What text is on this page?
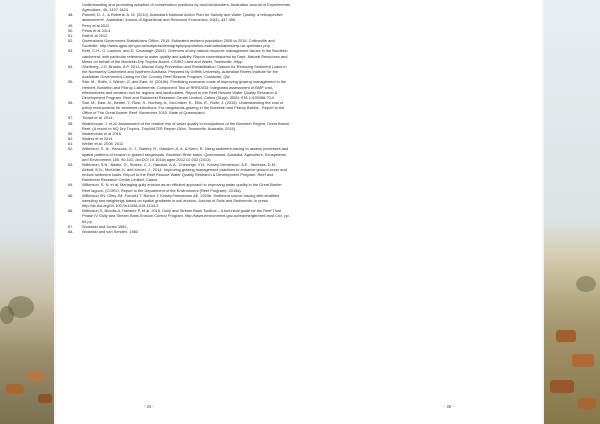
Understanding and promoting adoption of conservation practices by rural landholders. Australian Journal of Experimental Agriculture, 46, 1407-1424
48.	Pannell, D. J., & Roberts, A. M. (2010). Australia's National Action Plan for Salinity and Water Quality: a retrospective assessment*. Australian Journal of Agricultural and Resource Economics, 54(4), 437-456.
49.	Perry et al 2012
50.	Petus et al 2014
51.	Raff et al 2012
52.	Queensland Government Statisticians Office, 2015. Estimated resident population 2006 to 2016, Collinsville and Scottville. http://www.qgso.qld.gov.au/subjects/demography/population-estimates/tables/erp-ucl-qld/index.php
53.	Roth, C.H., G. Lawson, and D, Cavanagh (2002). Overview of key natural resource management issues in the Burdekin catchment, with particular reference to water quality and salinity. Report commissioned by Dept. Natural Resources and Mines on behalf of the Burdekin Dry Tropics Board. CSIRO Land and Water, Townsville. 99pp.
54.	Shellberg, J.G.,Brooks, A.P. 2013. Alluvial Gully Prevention and Rehabilitation Options for Reducing Sediment Loads in the Normanby Catchment and Northern Australia. Prepared by Griffith University, Australian Rivers Institute for the Australian Government Caring for Our Country Reef Rescue Program, Cooktown, Qld.
55.	Star, M., Rolfe, J, Wilrich, G. and East, M. (2015b). Predicting economic costs of improving grazing management in the Herbert, Burdekin and Fitzroy Catchments. Component Two of RRRD033: Integrated assessment of BMP cost-effectiveness and decision tool for regions and landholders. Report to the Reef Rescue Water Quality Research & Development Program. Reef and Rainforest Research Centre Limited, Cairns (51pp). ISBN: 978-1-925088-70-0
56.	Star, M., East, M., Beutel, T., Rust, S., Northey, A., McCosker, K., Ellis, R., Rolfe, J. (2015). Understanding the cost of policy mechanisms for sediment reductions. For rangelands grazing in the Burdekin and Fitzroy Basins . Report to the Office of The Great Barrier Reef, November 2015. State of Queensland.
57.	Tindall et al, 2014,
58.	Waterhouse, J. et al. Assessment of the relative risk of water quality to ecosystems of the Burdekin Region, Great Barrier Reef. (A report to NQ Dry Tropics, TropWATER Report 15/xx, Townsville, Australia, 2015).
59.	Waterhouse et al 2016
60.	Waters et al 2014
61.	Weber et al. 2006, 2012
62.	Wilkinson, S. N., Hancock, G. J., Bartley, R., Hawdon, A. A. & Keen, R. Using sediment tracing to assess processes and spatial patterns of erosion in grazed rangelands, Burdekin River basin, Queensland, Australia. Agriculture, Ecosystems and Environment 180, 90-102, doi:DOI 10.1016/j.agee.2012.02.002 (2013)
63.	Wilkinson, S.N., Bastin, G., Stokes, C.J., Hawdon, A.A., Chewings, V.H., Kinsey-Henderson, A.E., Nicholas, D.M., Abbott, B.N., McKellar, K. and Kemei, J., 2014. Improving grazing management practices to enhance ground cover and reduce sediment loads. Report to the Reef Rescue Water Quality Research & Development Program. Reef and Rainforest Research Centre Limited, Cairns.
64.	Wilkinson, S. N. et al. Managing gully erosion as an efficient approach to improving water quality in the Great Barrier Reef lagoon. (CSIRO, Report to the Department of the Environment (Reef Program), 2015a).
65.	Wilkinson SN, Olley JM, Furuichi T, Burton J, Kinsey-Henderson AE. 2015b. Sediment source tracing with stratified sampling and weightings based on spatial gradients in soil erosion. Journal of Soils and Sediments: In press. http://dx.doi.org/10.1007/s11368-015-1134-2.
66.	Wilkinson S, Brooks A, Hairsine P, et al. 2016. Gully and Stream Bank Toolbox – A technical guide for the Reef Trust Phase IV Gully and Stream Bank Erosion Control Program. http://www.environment.gov.au/marine/gbr/reef-trust Cox, pp. 84 pp.
67.	Wolanski and Jones 1981,
68.	Wolanski and van Senden, 1983
- 34 -	- 35 -
